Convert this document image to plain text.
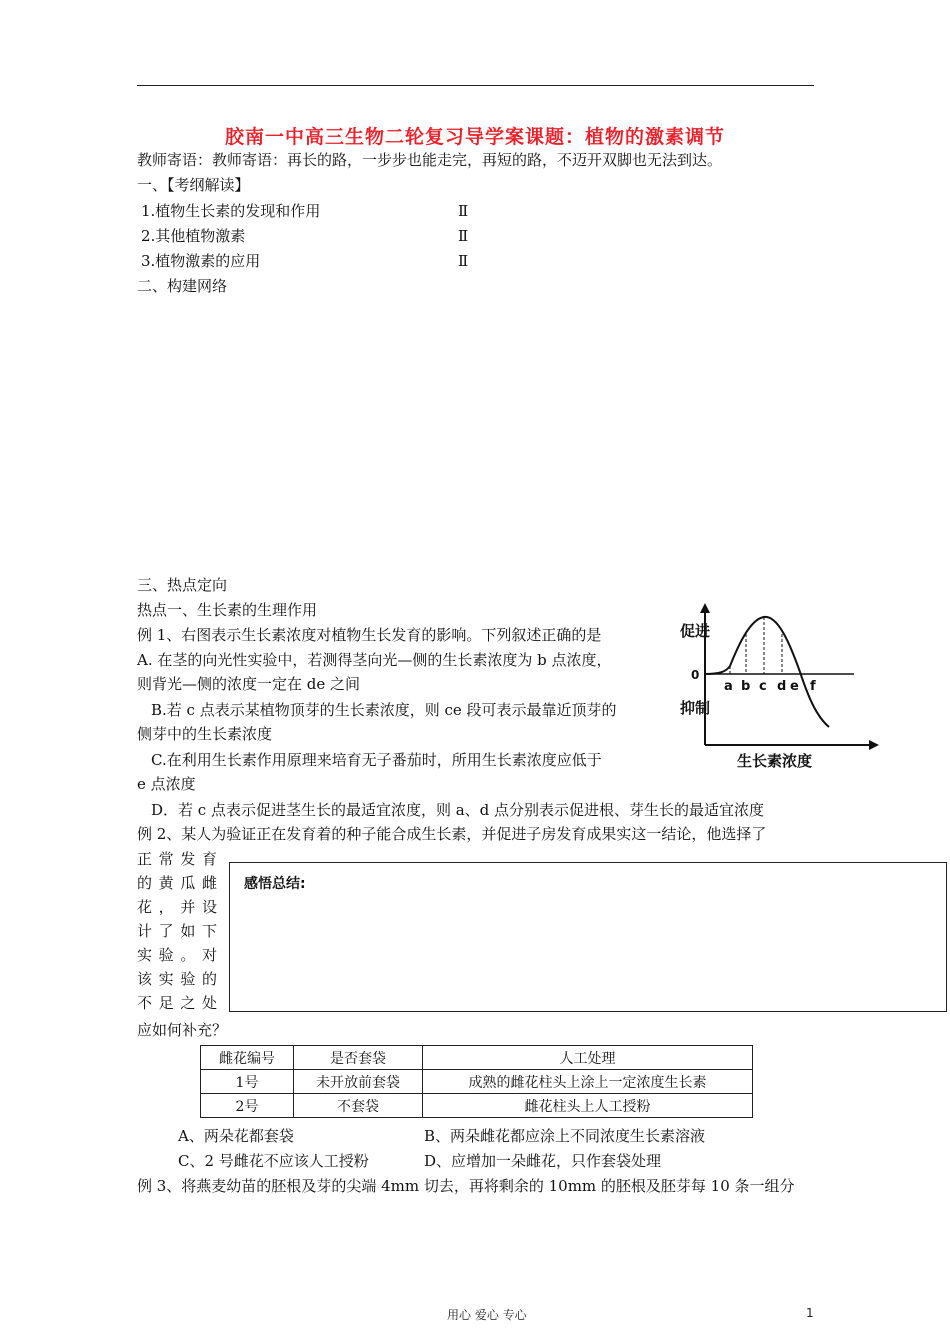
胶南一中高三生物二轮复习导学案课题：植物的激素调节
教师寄语：教师寄语：再长的路，一步步也能走完，再短的路，不迈开双脚也无法到达。
一、【考纲解读】
1.植物生长素的发现和作用	Ⅱ
2.其他植物激素	Ⅱ
3.植物激素的应用	Ⅱ
二、构建网络
三、热点定向
热点一、生长素的生理作用
例 1、右图表示生长素浓度对植物生长发育的影响。下列叙述正确的是
A. 在茎的向光性实验中，若测得茎向光—侧的生长素浓度为 b 点浓度，
则背光—侧的浓度一定在 de 之间
B.若 c 点表示某植物顶芽的生长素浓度，则 ce 段可表示最靠近顶芽的
侧芽中的生长素浓度
C.在利用生长素作用原理来培育无子番茄时，所用生长素浓度应低于
e 点浓度
D．若 c 点表示促进茎生长的最适宜浓度，则 a、d 点分别表示促进根、芽生长的最适宜浓度
例 2、某人为验证正在发育着的种子能合成生长素，并促进子房发育成果实这一结论，他选择了
正 常 发 育
的 黄 瓜 雌
花 ， 并 设
计 了 如 下
实 验 。 对
该 实 验 的
不 足 之 处
应如何补充？
感悟总结:
雌花编号	是否套袋	人工处理
1号	未开放前套袋	成熟的雌花柱头上涂上一定浓度生长素
2号	不套袋	雌花柱头上人工授粉
A、两朵花都套袋	B、两朵雌花都应涂上不同浓度生长素溶液
C、2 号雌花不应该人工授粉	D、应增加一朵雌花，只作套袋处理
例 3、将燕麦幼苗的胚根及芽的尖端 4mm 切去，再将剩余的 10mm 的胚根及胚芽每 10 条一组分
促进
抑制
0
a b c d e f
生长素浓度
用心 爱心 专心	1
